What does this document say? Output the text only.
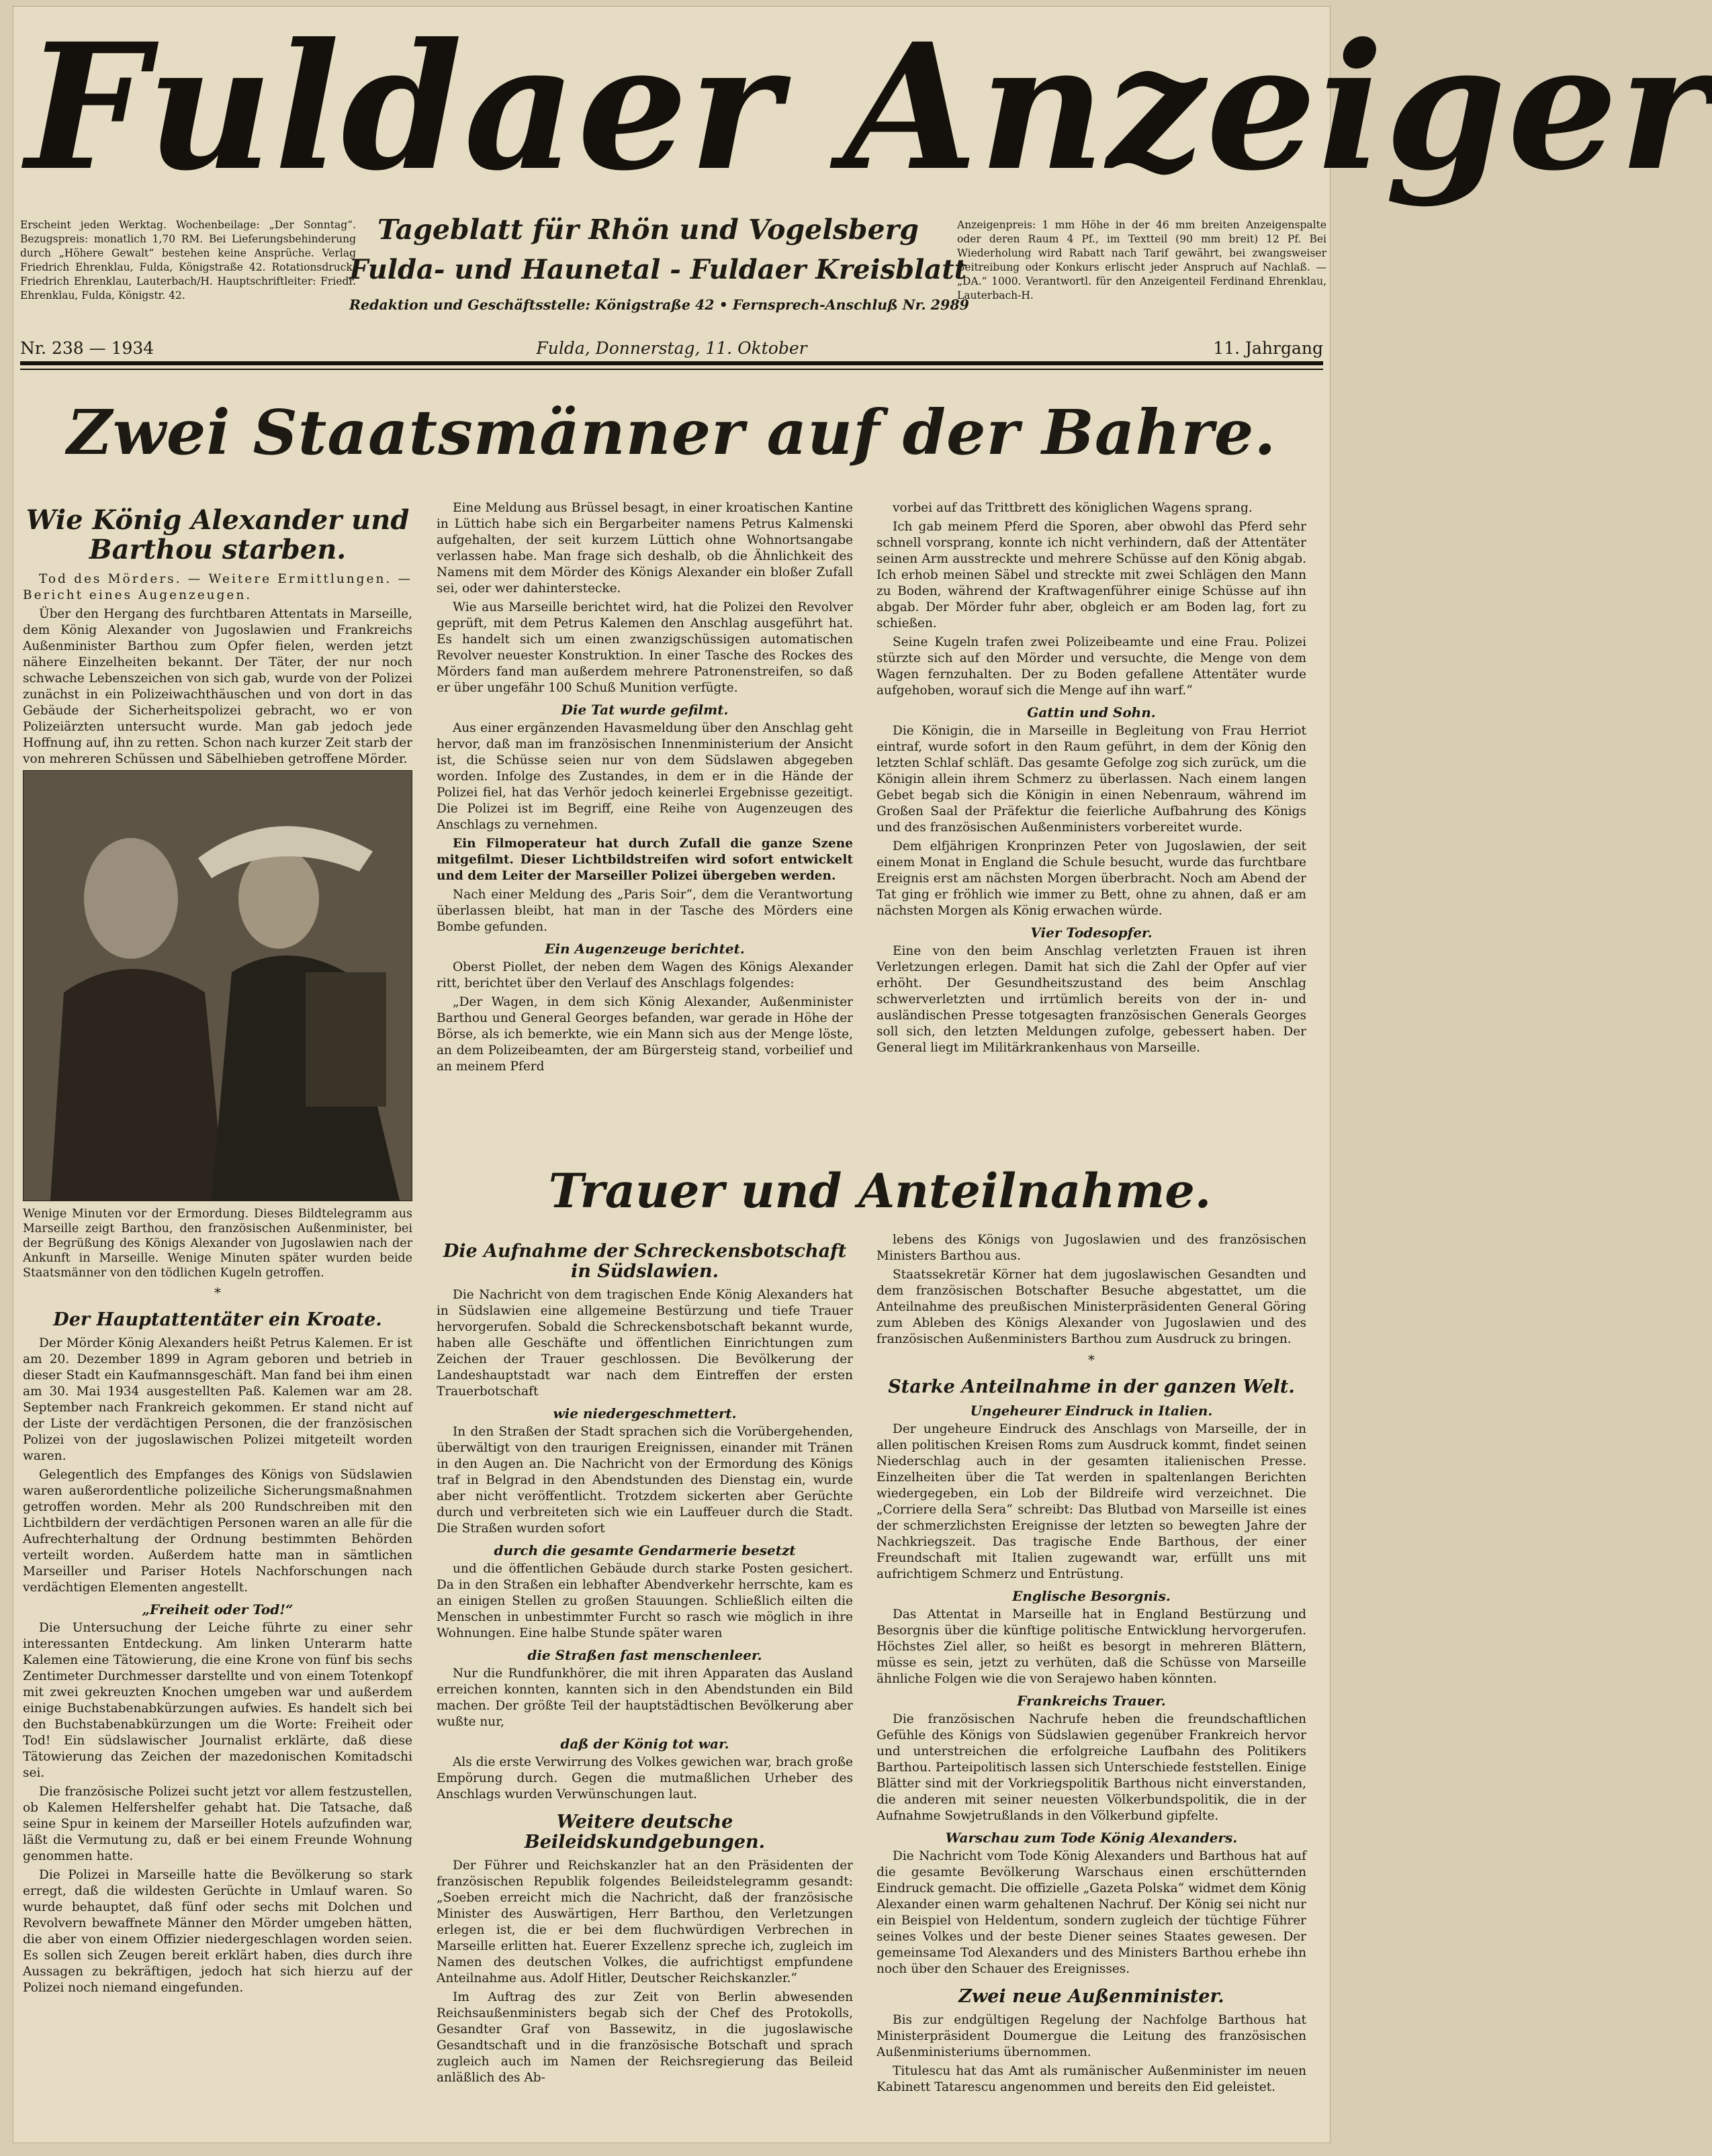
Fuldaer Anzeiger
Erscheint jeden Werktag. Wochenbeilage: „Der Sonntag“. Bezugspreis: monatlich 1,70 RM. Bei Lieferungsbehinderung durch „Höhere Gewalt“ bestehen keine Ansprüche. Verlag Friedrich Ehrenklau, Fulda, Königstraße 42. Rotationsdruck: Friedrich Ehrenklau, Lauterbach/H. Hauptschriftleiter: Friedr. Ehrenklau, Fulda, Königstr. 42.
Tageblatt für Rhön und Vogelsberg
Fulda- und Haunetal - Fuldaer Kreisblatt
Redaktion und Geschäftsstelle: Königstraße 42 • Fernsprech-Anschluß Nr. 2989
Anzeigenpreis: 1 mm Höhe in der 46 mm breiten Anzeigenspalte oder deren Raum 4 Pf., im Textteil (90 mm breit) 12 Pf. Bei Wiederholung wird Rabatt nach Tarif gewährt, bei zwangsweiser Beitreibung oder Konkurs erlischt jeder Anspruch auf Nachlaß. — „DA.“ 1000. Verantwortl. für den Anzeigenteil Ferdinand Ehrenklau, Lauterbach-H.
Fulda, Donnerstag, 11. Oktober
Nr. 238 — 1934	11. Jahrgang
Zwei Staatsmänner auf der Bahre.
Wie König Alexander und Barthou starben.

Tod des Mörders. — Weitere Ermittlungen. — Bericht eines Augenzeugen.

Über den Hergang des furchtbaren Attentats in Marseille, dem König Alexander von Jugoslawien und Frankreichs Außenminister Barthou zum Opfer fielen, werden jetzt nähere Einzelheiten bekannt. Der Täter, der nur noch schwache Lebenszeichen von sich gab, wurde von der Polizei zunächst in ein Polizeiwachthäuschen und von dort in das Gebäude der Sicherheitspolizei gebracht, wo er von Polizeiärzten untersucht wurde. Man gab jedoch jede Hoffnung auf, ihn zu retten. Schon nach kurzer Zeit starb der von mehreren Schüssen und Säbelhieben getroffene Mörder.

Wenige Minuten vor der Ermordung. Dieses Bildtelegramm aus Marseille zeigt Barthou, den französischen Außenminister, bei der Begrüßung des Königs Alexander von Jugoslawien nach der Ankunft in Marseille. Wenige Minuten später wurden beide Staatsmänner von den tödlichen Kugeln getroffen.
*
Der Hauptattentäter ein Kroate.

Der Mörder König Alexanders heißt Petrus Kalemen. Er ist am 20. Dezember 1899 in Agram geboren und betrieb in dieser Stadt ein Kaufmannsgeschäft. Man fand bei ihm einen am 30. Mai 1934 ausgestellten Paß. Kalemen war am 28. September nach Frankreich gekommen. Er stand nicht auf der Liste der verdächtigen Personen, die der französischen Polizei von der jugoslawischen Polizei mitgeteilt worden waren.

Gelegentlich des Empfanges des Königs von Südslawien waren außerordentliche polizeiliche Sicherungsmaßnahmen getroffen worden. Mehr als 200 Rundschreiben mit den Lichtbildern der verdächtigen Personen waren an alle für die Aufrechterhaltung der Ordnung bestimmten Behörden verteilt worden. Außerdem hatte man in sämtlichen Marseiller und Pariser Hotels Nachforschungen nach verdächtigen Elementen angestellt.

„Freiheit oder Tod!“

Die Untersuchung der Leiche führte zu einer sehr interessanten Entdeckung. Am linken Unterarm hatte Kalemen eine Tätowierung, die eine Krone von fünf bis sechs Zentimeter Durchmesser darstellte und von einem Totenkopf mit zwei gekreuzten Knochen umgeben war und außerdem einige Buchstabenabkürzungen aufwies. Es handelt sich bei den Buchstabenabkürzungen um die Worte: Freiheit oder Tod! Ein südslawischer Journalist erklärte, daß diese Tätowierung das Zeichen der mazedonischen Komitadschi sei.

Die französische Polizei sucht jetzt vor allem festzustellen, ob Kalemen Helfershelfer gehabt hat. Die Tatsache, daß seine Spur in keinem der Marseiller Hotels aufzufinden war, läßt die Vermutung zu, daß er bei einem Freunde Wohnung genommen hatte.

Die Polizei in Marseille hatte die Bevölkerung so stark erregt, daß die wildesten Gerüchte in Umlauf waren. So wurde behauptet, daß fünf oder sechs mit Dolchen und Revolvern bewaffnete Männer den Mörder umgeben hätten, die aber von einem Offizier niedergeschlagen worden seien. Es sollen sich Zeugen bereit erklärt haben, dies durch ihre Aussagen zu bekräftigen, jedoch hat sich hierzu auf der Polizei noch niemand eingefunden.

Eine Meldung aus Brüssel besagt, in einer kroatischen Kantine in Lüttich habe sich ein Bergarbeiter namens Petrus Kalmenski aufgehalten, der seit kurzem Lüttich ohne Wohnortsangabe verlassen habe. Man frage sich deshalb, ob die Ähnlichkeit des Namens mit dem Mörder des Königs Alexander ein bloßer Zufall sei, oder wer dahinterstecke.

Wie aus Marseille berichtet wird, hat die Polizei den Revolver geprüft, mit dem Petrus Kalemen den Anschlag ausgeführt hat. Es handelt sich um einen zwanzigschüssigen automatischen Revolver neuester Konstruktion. In einer Tasche des Rockes des Mörders fand man außerdem mehrere Patronenstreifen, so daß er über ungefähr 100 Schuß Munition verfügte.

Die Tat wurde gefilmt.

Aus einer ergänzenden Havasmeldung über den Anschlag geht hervor, daß man im französischen Innenministerium der Ansicht ist, die Schüsse seien nur von dem Südslawen abgegeben worden. Infolge des Zustandes, in dem er in die Hände der Polizei fiel, hat das Verhör jedoch keinerlei Ergebnisse gezeitigt. Die Polizei ist im Begriff, eine Reihe von Augenzeugen des Anschlags zu vernehmen.

Ein Filmoperateur hat durch Zufall die ganze Szene mitgefilmt. Dieser Lichtbildstreifen wird sofort entwickelt und dem Leiter der Marseiller Polizei übergeben werden.

Nach einer Meldung des „Paris Soir“, dem die Verantwortung überlassen bleibt, hat man in der Tasche des Mörders eine Bombe gefunden.

Ein Augenzeuge berichtet.

Oberst Piollet, der neben dem Wagen des Königs Alexander ritt, berichtet über den Verlauf des Anschlags folgendes:

„Der Wagen, in dem sich König Alexander, Außenminister Barthou und General Georges befanden, war gerade in Höhe der Börse, als ich bemerkte, wie ein Mann sich aus der Menge löste, an dem Polizeibeamten, der am Bürgersteig stand, vorbeilief und an meinem Pferd

vorbei auf das Trittbrett des königlichen Wagens sprang.

Ich gab meinem Pferd die Sporen, aber obwohl das Pferd sehr schnell vorsprang, konnte ich nicht verhindern, daß der Attentäter seinen Arm ausstreckte und mehrere Schüsse auf den König abgab. Ich erhob meinen Säbel und streckte mit zwei Schlägen den Mann zu Boden, während der Kraftwagenführer einige Schüsse auf ihn abgab. Der Mörder fuhr aber, obgleich er am Boden lag, fort zu schießen.

Seine Kugeln trafen zwei Polizeibeamte und eine Frau. Polizei stürzte sich auf den Mörder und versuchte, die Menge von dem Wagen fernzuhalten. Der zu Boden gefallene Attentäter wurde aufgehoben, worauf sich die Menge auf ihn warf.“

Gattin und Sohn.

Die Königin, die in Marseille in Begleitung von Frau Herriot eintraf, wurde sofort in den Raum geführt, in dem der König den letzten Schlaf schläft. Das gesamte Gefolge zog sich zurück, um die Königin allein ihrem Schmerz zu überlassen. Nach einem langen Gebet begab sich die Königin in einen Nebenraum, während im Großen Saal der Präfektur die feierliche Aufbahrung des Königs und des französischen Außenministers vorbereitet wurde.

Dem elfjährigen Kronprinzen Peter von Jugoslawien, der seit einem Monat in England die Schule besucht, wurde das furchtbare Ereignis erst am nächsten Morgen überbracht. Noch am Abend der Tat ging er fröhlich wie immer zu Bett, ohne zu ahnen, daß er am nächsten Morgen als König erwachen würde.

Vier Todesopfer.

Eine von den beim Anschlag verletzten Frauen ist ihren Verletzungen erlegen. Damit hat sich die Zahl der Opfer auf vier erhöht. Der Gesundheitszustand des beim Anschlag schwerverletzten und irrtümlich bereits von der in- und ausländischen Presse totgesagten französischen Generals Georges soll sich, den letzten Meldungen zufolge, gebessert haben. Der General liegt im Militärkrankenhaus von Marseille.

Trauer und Anteilnahme.
Die Aufnahme der Schreckensbotschaft in Südslawien.

Die Nachricht von dem tragischen Ende König Alexanders hat in Südslawien eine allgemeine Bestürzung und tiefe Trauer hervorgerufen. Sobald die Schreckensbotschaft bekannt wurde, haben alle Geschäfte und öffentlichen Einrichtungen zum Zeichen der Trauer geschlossen. Die Bevölkerung der Landeshauptstadt war nach dem Eintreffen der ersten Trauerbotschaft

wie niedergeschmettert.

In den Straßen der Stadt sprachen sich die Vorübergehenden, überwältigt von den traurigen Ereignissen, einander mit Tränen in den Augen an. Die Nachricht von der Ermordung des Königs traf in Belgrad in den Abendstunden des Dienstag ein, wurde aber nicht veröffentlicht. Trotzdem sickerten aber Gerüchte durch und verbreiteten sich wie ein Lauffeuer durch die Stadt. Die Straßen wurden sofort

durch die gesamte Gendarmerie besetzt

und die öffentlichen Gebäude durch starke Posten gesichert. Da in den Straßen ein lebhafter Abendverkehr herrschte, kam es an einigen Stellen zu großen Stauungen. Schließlich eilten die Menschen in unbestimmter Furcht so rasch wie möglich in ihre Wohnungen. Eine halbe Stunde später waren

die Straßen fast menschenleer.

Nur die Rundfunkhörer, die mit ihren Apparaten das Ausland erreichen konnten, kannten sich in den Abendstunden ein Bild machen. Der größte Teil der hauptstädtischen Bevölkerung aber wußte nur,

daß der König tot war.

Als die erste Verwirrung des Volkes gewichen war, brach große Empörung durch. Gegen die mutmaßlichen Urheber des Anschlags wurden Verwünschungen laut.

Weitere deutsche Beileidskundgebungen.

Der Führer und Reichskanzler hat an den Präsidenten der französischen Republik folgendes Beileidstelegramm gesandt: „Soeben erreicht mich die Nachricht, daß der französische Minister des Auswärtigen, Herr Barthou, den Verletzungen erlegen ist, die er bei dem fluchwürdigen Verbrechen in Marseille erlitten hat. Euerer Exzellenz spreche ich, zugleich im Namen des deutschen Volkes, die aufrichtigst empfundene Anteilnahme aus. Adolf Hitler, Deutscher Reichskanzler.“

Im Auftrag des zur Zeit von Berlin abwesenden Reichsaußenministers begab sich der Chef des Protokolls, Gesandter Graf von Bassewitz, in die jugoslawische Gesandtschaft und in die französische Botschaft und sprach zugleich auch im Namen der Reichsregierung das Beileid anläßlich des Ab-

lebens des Königs von Jugoslawien und des französischen Ministers Barthou aus.

Staatssekretär Körner hat dem jugoslawischen Gesandten und dem französischen Botschafter Besuche abgestattet, um die Anteilnahme des preußischen Ministerpräsidenten General Göring zum Ableben des Königs Alexander von Jugoslawien und des französischen Außenministers Barthou zum Ausdruck zu bringen.

*
Starke Anteilnahme in der ganzen Welt.
Ungeheurer Eindruck in Italien.

Der ungeheure Eindruck des Anschlags von Marseille, der in allen politischen Kreisen Roms zum Ausdruck kommt, findet seinen Niederschlag auch in der gesamten italienischen Presse. Einzelheiten über die Tat werden in spaltenlangen Berichten wiedergegeben, ein Lob der Bildreife wird verzeichnet. Die „Corriere della Sera“ schreibt: Das Blutbad von Marseille ist eines der schmerzlichsten Ereignisse der letzten so bewegten Jahre der Nachkriegszeit. Das tragische Ende Barthous, der einer Freundschaft mit Italien zugewandt war, erfüllt uns mit aufrichtigem Schmerz und Entrüstung.

Englische Besorgnis.

Das Attentat in Marseille hat in England Bestürzung und Besorgnis über die künftige politische Entwicklung hervorgerufen. Höchstes Ziel aller, so heißt es besorgt in mehreren Blättern, müsse es sein, jetzt zu verhüten, daß die Schüsse von Marseille ähnliche Folgen wie die von Serajewo haben könnten.

Frankreichs Trauer.

Die französischen Nachrufe heben die freundschaftlichen Gefühle des Königs von Südslawien gegenüber Frankreich hervor und unterstreichen die erfolgreiche Laufbahn des Politikers Barthou. Parteipolitisch lassen sich Unterschiede feststellen. Einige Blätter sind mit der Vorkriegspolitik Barthous nicht einverstanden, die anderen mit seiner neuesten Völkerbundspolitik, die in der Aufnahme Sowjetrußlands in den Völkerbund gipfelte.

Warschau zum Tode König Alexanders.

Die Nachricht vom Tode König Alexanders und Barthous hat auf die gesamte Bevölkerung Warschaus einen erschütternden Eindruck gemacht. Die offizielle „Gazeta Polska“ widmet dem König Alexander einen warm gehaltenen Nachruf. Der König sei nicht nur ein Beispiel von Heldentum, sondern zugleich der tüchtige Führer seines Volkes und der beste Diener seines Staates gewesen. Der gemeinsame Tod Alexanders und des Ministers Barthou erhebe ihn noch über den Schauer des Ereignisses.

Zwei neue Außenminister.

Bis zur endgültigen Regelung der Nachfolge Barthous hat Ministerpräsident Doumergue die Leitung des französischen Außenministeriums übernommen.

Titulescu hat das Amt als rumänischer Außenminister im neuen Kabinett Tatarescu angenommen und bereits den Eid geleistet.
